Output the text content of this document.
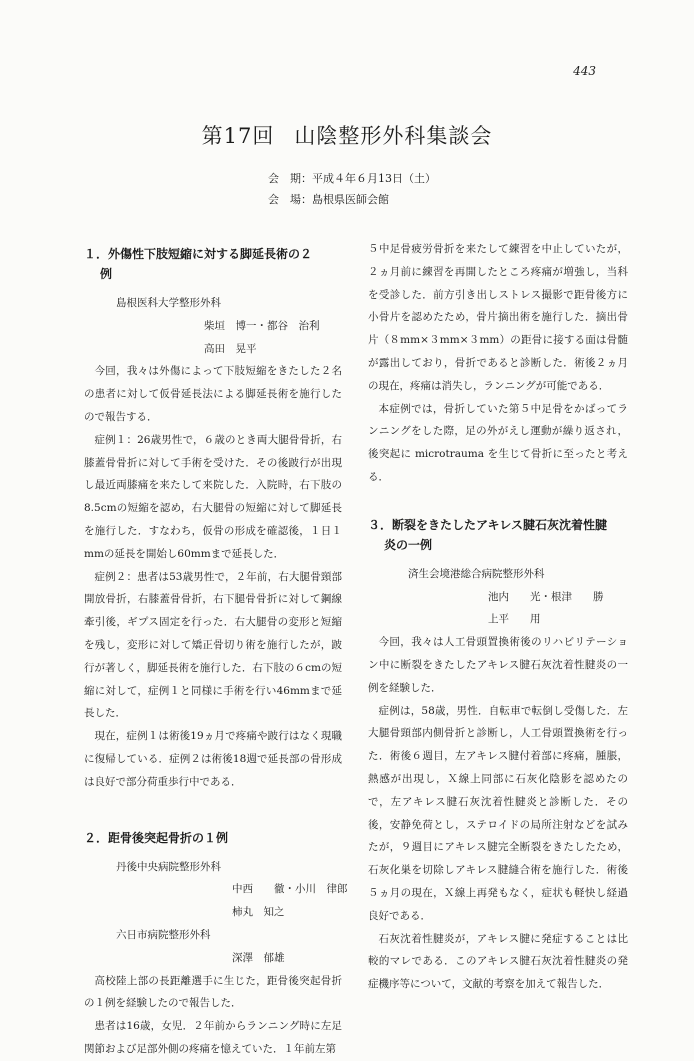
443
第17回 山陰整形外科集談会
会　期：平成４年６月13日（土）
会　場：島根県医師会館
１．外傷性下肢短縮に対する脚延長術の２
例

島根医科大学整形外科

柴垣　博一・都谷　治利

高田　晃平

今回，我々は外傷によって下肢短縮をきたした２名の患者に対して仮骨延長法による脚延長術を施行したので報告する．

症例１：26歳男性で，６歳のとき両大腿骨骨折，右膝蓋骨骨折に対して手術を受けた．その後跛行が出現し最近両膝痛を来たして来院した．入院時，右下肢の8.5cmの短縮を認め，右大腿骨の短縮に対して脚延長を施行した．すなわち，仮骨の形成を確認後，１日１mmの延長を開始し60mmまで延長した．

症例２：患者は53歳男性で，２年前，右大腿骨頸部開放骨折，右膝蓋骨骨折，右下腿骨骨折に対して鋼線牽引後，ギプス固定を行った．右大腿骨の変形と短縮を残し，変形に対して矯正骨切り術を施行したが，跛行が著しく，脚延長術を施行した．右下肢の６cmの短縮に対して，症例１と同様に手術を行い46mmまで延長した．

現在，症例１は術後19ヵ月で疼痛や跛行はなく現職に復帰している．症例２は術後18週で延長部の骨形成は良好で部分荷重歩行中である．

２．距骨後突起骨折の１例

丹後中央病院整形外科

中西　　徹・小川　律郎

柿丸　知之

六日市病院整形外科

深澤　郁雄

高校陸上部の長距離選手に生じた，距骨後突起骨折の１例を経験したので報告した．

患者は16歳，女児．２年前からランニング時に左足関節および足部外側の疼痛を憶えていた．１年前左第

５中足骨疲労骨折を来たして練習を中止していたが，２ヵ月前に練習を再開したところ疼痛が増強し，当科を受診した．前方引き出しストレス撮影で距骨後方に小骨片を認めたため，骨片摘出術を施行した．摘出骨片（８mm×３mm×３mm）の距骨に接する面は骨髄が露出しており，骨折であると診断した．術後２ヵ月の現在，疼痛は消失し，ランニングが可能である．

本症例では，骨折していた第５中足骨をかばってランニングをした際，足の外がえし運動が繰り返され，後突起に microtrauma を生じて骨折に至ったと考える．

３．断裂をきたしたアキレス腱石灰沈着性腱
炎の一例

済生会境港総合病院整形外科

池内　　光・根津　　勝

上平　　用

今回，我々は人工骨頭置換術後のリハビリテーション中に断裂をきたしたアキレス腱石灰沈着性腱炎の一例を経験した．

症例は，58歳，男性．自転車で転倒し受傷した．左大腿骨頸部内側骨折と診断し，人工骨頭置換術を行った．術後６週目，左アキレス腱付着部に疼痛，腫脹，熱感が出現し，Ｘ線上同部に石灰化陰影を認めたので，左アキレス腱石灰沈着性腱炎と診断した．その後，安静免荷とし，ステロイドの局所注射などを試みたが，９週目にアキレス腱完全断裂をきたしたため，石灰化巣を切除しアキレス腱縫合術を施行した．術後５ヵ月の現在，Ｘ線上再発もなく，症状も軽快し経過良好である．

石灰沈着性腱炎が，アキレス腱に発症することは比較的マレである．このアキレス腱石灰沈着性腱炎の発症機序等について，文献的考察を加えて報告した．
